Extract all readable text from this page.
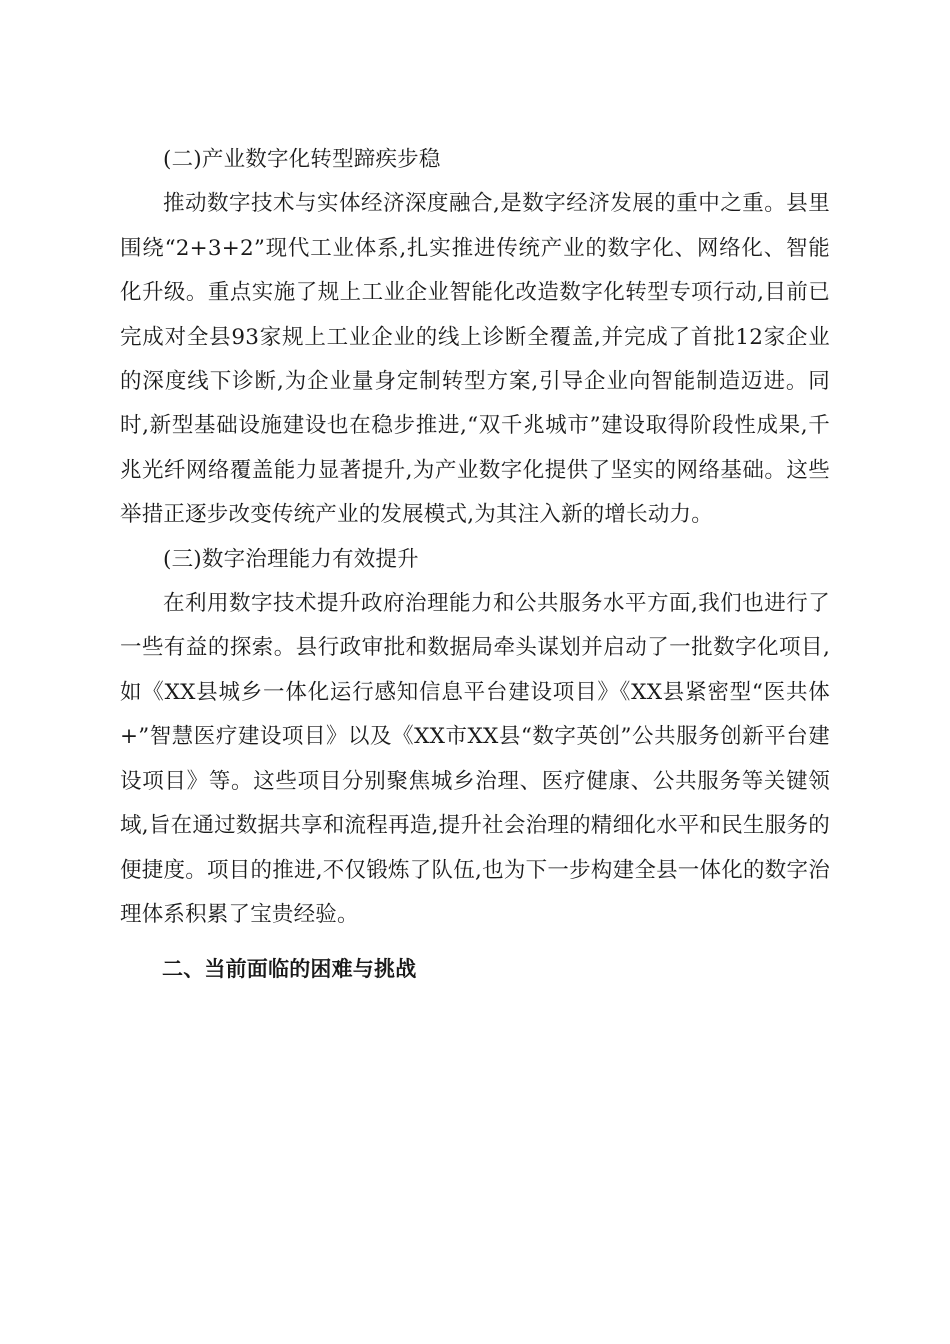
(二)产业数字化转型蹄疾步稳

推动数字技术与实体经济深度融合,是数字经济发展的重中之重。县里围绕“2+3+2”现代工业体系,扎实推进传统产业的数字化、网络化、智能化升级。重点实施了规上工业企业智能化改造数字化转型专项行动,目前已完成对全县93家规上工业企业的线上诊断全覆盖,并完成了首批12家企业的深度线下诊断,为企业量身定制转型方案,引导企业向智能制造迈进。同时,新型基础设施建设也在稳步推进,“双千兆城市”建设取得阶段性成果,千兆光纤网络覆盖能力显著提升,为产业数字化提供了坚实的网络基础。这些举措正逐步改变传统产业的发展模式,为其注入新的增长动力。

(三)数字治理能力有效提升

在利用数字技术提升政府治理能力和公共服务水平方面,我们也进行了一些有益的探索。县行政审批和数据局牵头谋划并启动了一批数字化项目,如《XX县城乡一体化运行感知信息平台建设项目》《XX县紧密型“医共体+”智慧医疗建设项目》以及《XX市XX县“数字英创”公共服务创新平台建设项目》等。这些项目分别聚焦城乡治理、医疗健康、公共服务等关键领域,旨在通过数据共享和流程再造,提升社会治理的精细化水平和民生服务的便捷度。项目的推进,不仅锻炼了队伍,也为下一步构建全县一体化的数字治理体系积累了宝贵经验。

二、当前面临的困难与挑战
